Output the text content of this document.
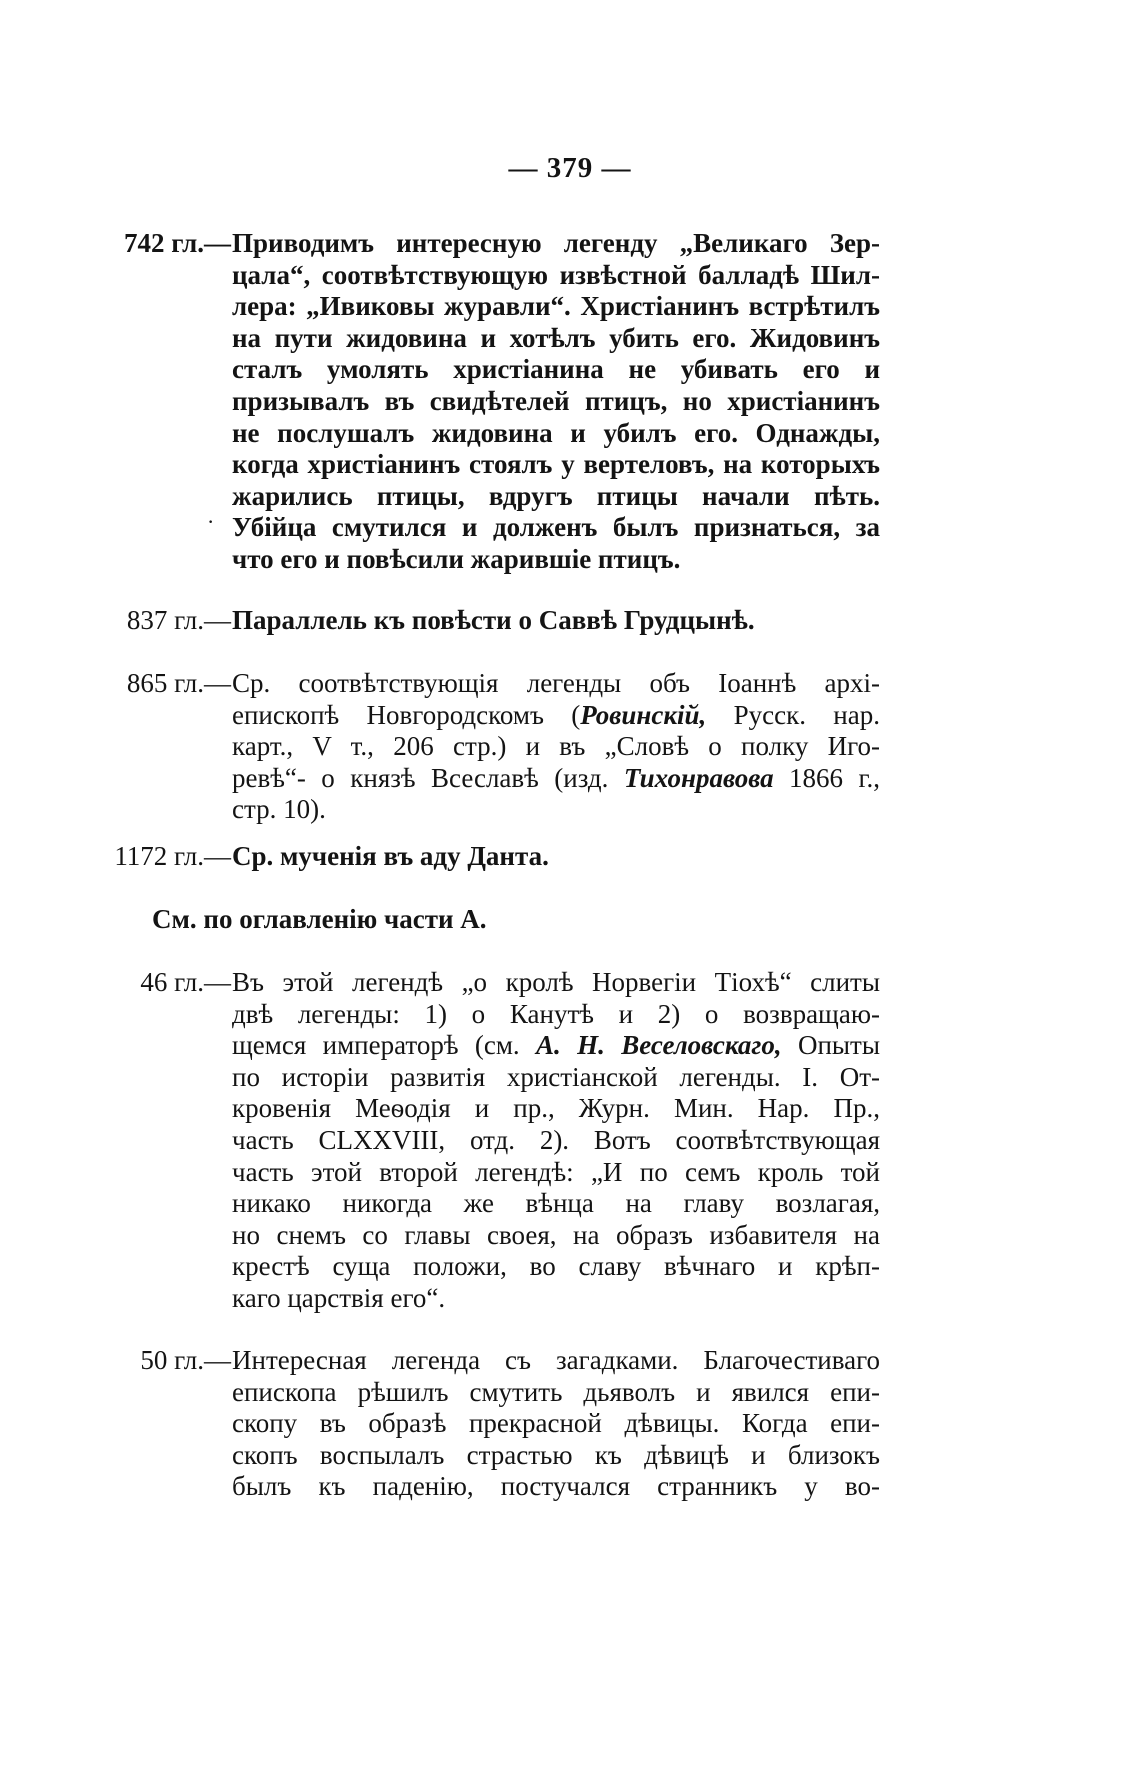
— 379 —
742 гл.— Приводимъ интересную легенду „Великаго Зер-
цала“, соотвѣтствующую извѣстной балладѣ Шил-
лера: „Ивиковы журавли“. Христіанинъ встрѣтилъ
на пути жидовина и хотѣлъ убить его. Жидовинъ
сталъ умолять христіанина не убивать его и
призывалъ въ свидѣтелей птицъ, но христіанинъ
не послушалъ жидовина и убилъ его. Однажды,
когда христіанинъ стоялъ у вертеловъ, на которыхъ
жарились птицы, вдругъ птицы начали пѣть.
Убійца смутился и долженъ былъ признаться, за
что его и повѣсили жарившіе птицъ.
·
837 гл.— Параллель къ повѣсти о Саввѣ Грудцынѣ.
865 гл.— Ср. соотвѣтствующія легенды объ Іоаннѣ архі-
епископѣ Новгородскомъ (Ровинскій, Русск. нар.
карт., V т., 206 стр.) и въ „Словѣ о полку Иго-
ревѣ“- о князѣ Всеславѣ (изд. Тихонравова 1866 г.,
стр. 10).
1172 гл.— Ср. мученія въ аду Данта.
См. по оглавленію части А.
46 гл.— Въ этой легендѣ „о кролѣ Норвегіи Тіохѣ“ слиты
двѣ легенды: 1) о Канутѣ и 2) о возвращаю-
щемся императорѣ (см. А. Н. Веселовскаго, Опыты
по исторіи развитія христіанской легенды. I. От-
кровенія Меѳодія и пр., Журн. Мин. Нар. Пр.,
часть CLXXVIII, отд. 2). Вотъ соотвѣтствующая
часть этой второй легендѣ: „И по семъ кроль той
никако никогда же вѣнца на главу возлагая,
но снемъ со главы своея, на образъ избавителя на
крестѣ суща положи, во славу вѣчнаго и крѣп-
каго царствія его“.
50 гл.— Интересная легенда съ загадками. Благочестиваго
епископа рѣшилъ смутить дьяволъ и явился епи-
скопу въ образѣ прекрасной дѣвицы. Когда епи-
скопъ воспылалъ страстью къ дѣвицѣ и близокъ
былъ къ паденію, постучался странникъ у во-
